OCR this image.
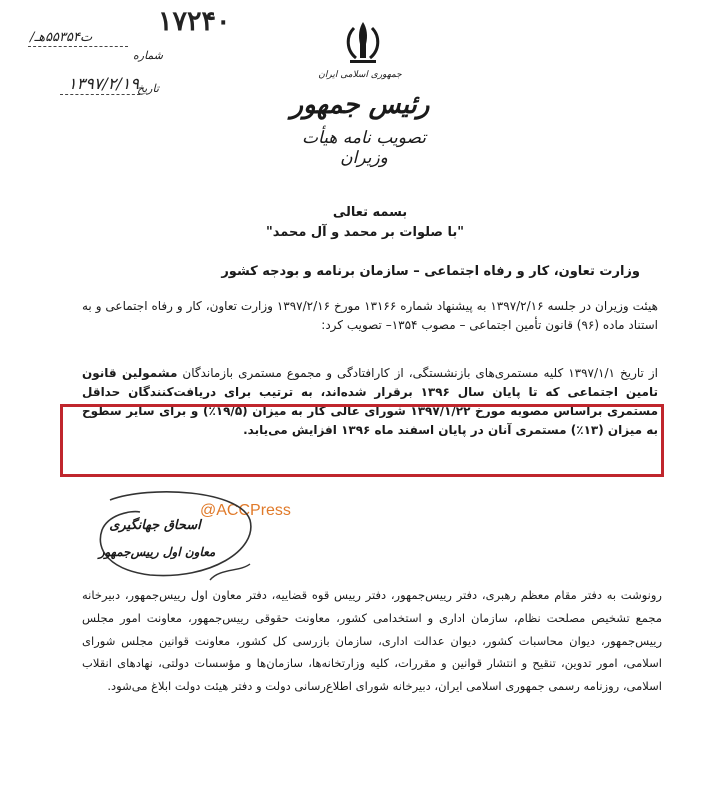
۱۷۲۴۰
/ت۵۵۳۵۴هـ
شماره
۱۳۹۷/۲/۱۹
تاریخ
جمهوری اسلامی ایران
رئیس جمهور
تصویب نامه هیأت وزیران
بسمه تعالی
"با صلوات بر محمد و آل محمد"
وزارت تعاون، کار و رفاه اجتماعی – سازمان برنامه و بودجه کشور
هیئت وزیران در جلسه ۱۳۹۷/۲/۱۶ به پیشنهاد شماره ۱۳۱۶۶ مورخ ۱۳۹۷/۲/۱۶ وزارت تعاون، کار و رفاه اجتماعی و به استناد ماده (۹۶) قانون تأمین اجتماعی – مصوب ۱۳۵۴– تصویب کرد:
از تاریخ ۱۳۹۷/۱/۱ کلیه مستمری‌های بازنشستگی، از کارافتادگی و مجموع مستمری بازماندگان مشمولین قانون تامین اجتماعی که تا پایان سال ۱۳۹۶ برقرار شده‌اند، به ترتیب برای دریافت‌کنندگان حداقل مستمری براساس مصوبه مورخ ۱۳۹۷/۱/۲۲ شورای عالی کار به میزان (۱۹/۵٪) و برای سایر سطوح به میزان (۱۳٪) مستمری آنان در پایان اسفند ماه ۱۳۹۶ افزایش می‌یابد.
@ACCPress
اسحاق جهانگیری
معاون اول رییس‌جمهور
رونوشت به دفتر مقام معظم رهبری، دفتر رییس‌جمهور، دفتر رییس قوه قضاییه، دفتر معاون اول رییس‌جمهور، دبیرخانه مجمع تشخیص مصلحت نظام، سازمان اداری و استخدامی کشور، معاونت حقوقی رییس‌جمهور، معاونت امور مجلس رییس‌جمهور، دیوان محاسبات کشور، دیوان عدالت اداری، سازمان بازرسی کل کشور، معاونت قوانین مجلس شورای اسلامی، امور تدوین، تنقیح و انتشار قوانین و مقررات، کلیه وزارتخانه‌ها، سازمان‌ها و مؤسسات دولتی، نهادهای انقلاب اسلامی، روزنامه رسمی جمهوری اسلامی ایران، دبیرخانه شورای اطلاع‌رسانی دولت و دفتر هیئت دولت ابلاغ می‌شود.
